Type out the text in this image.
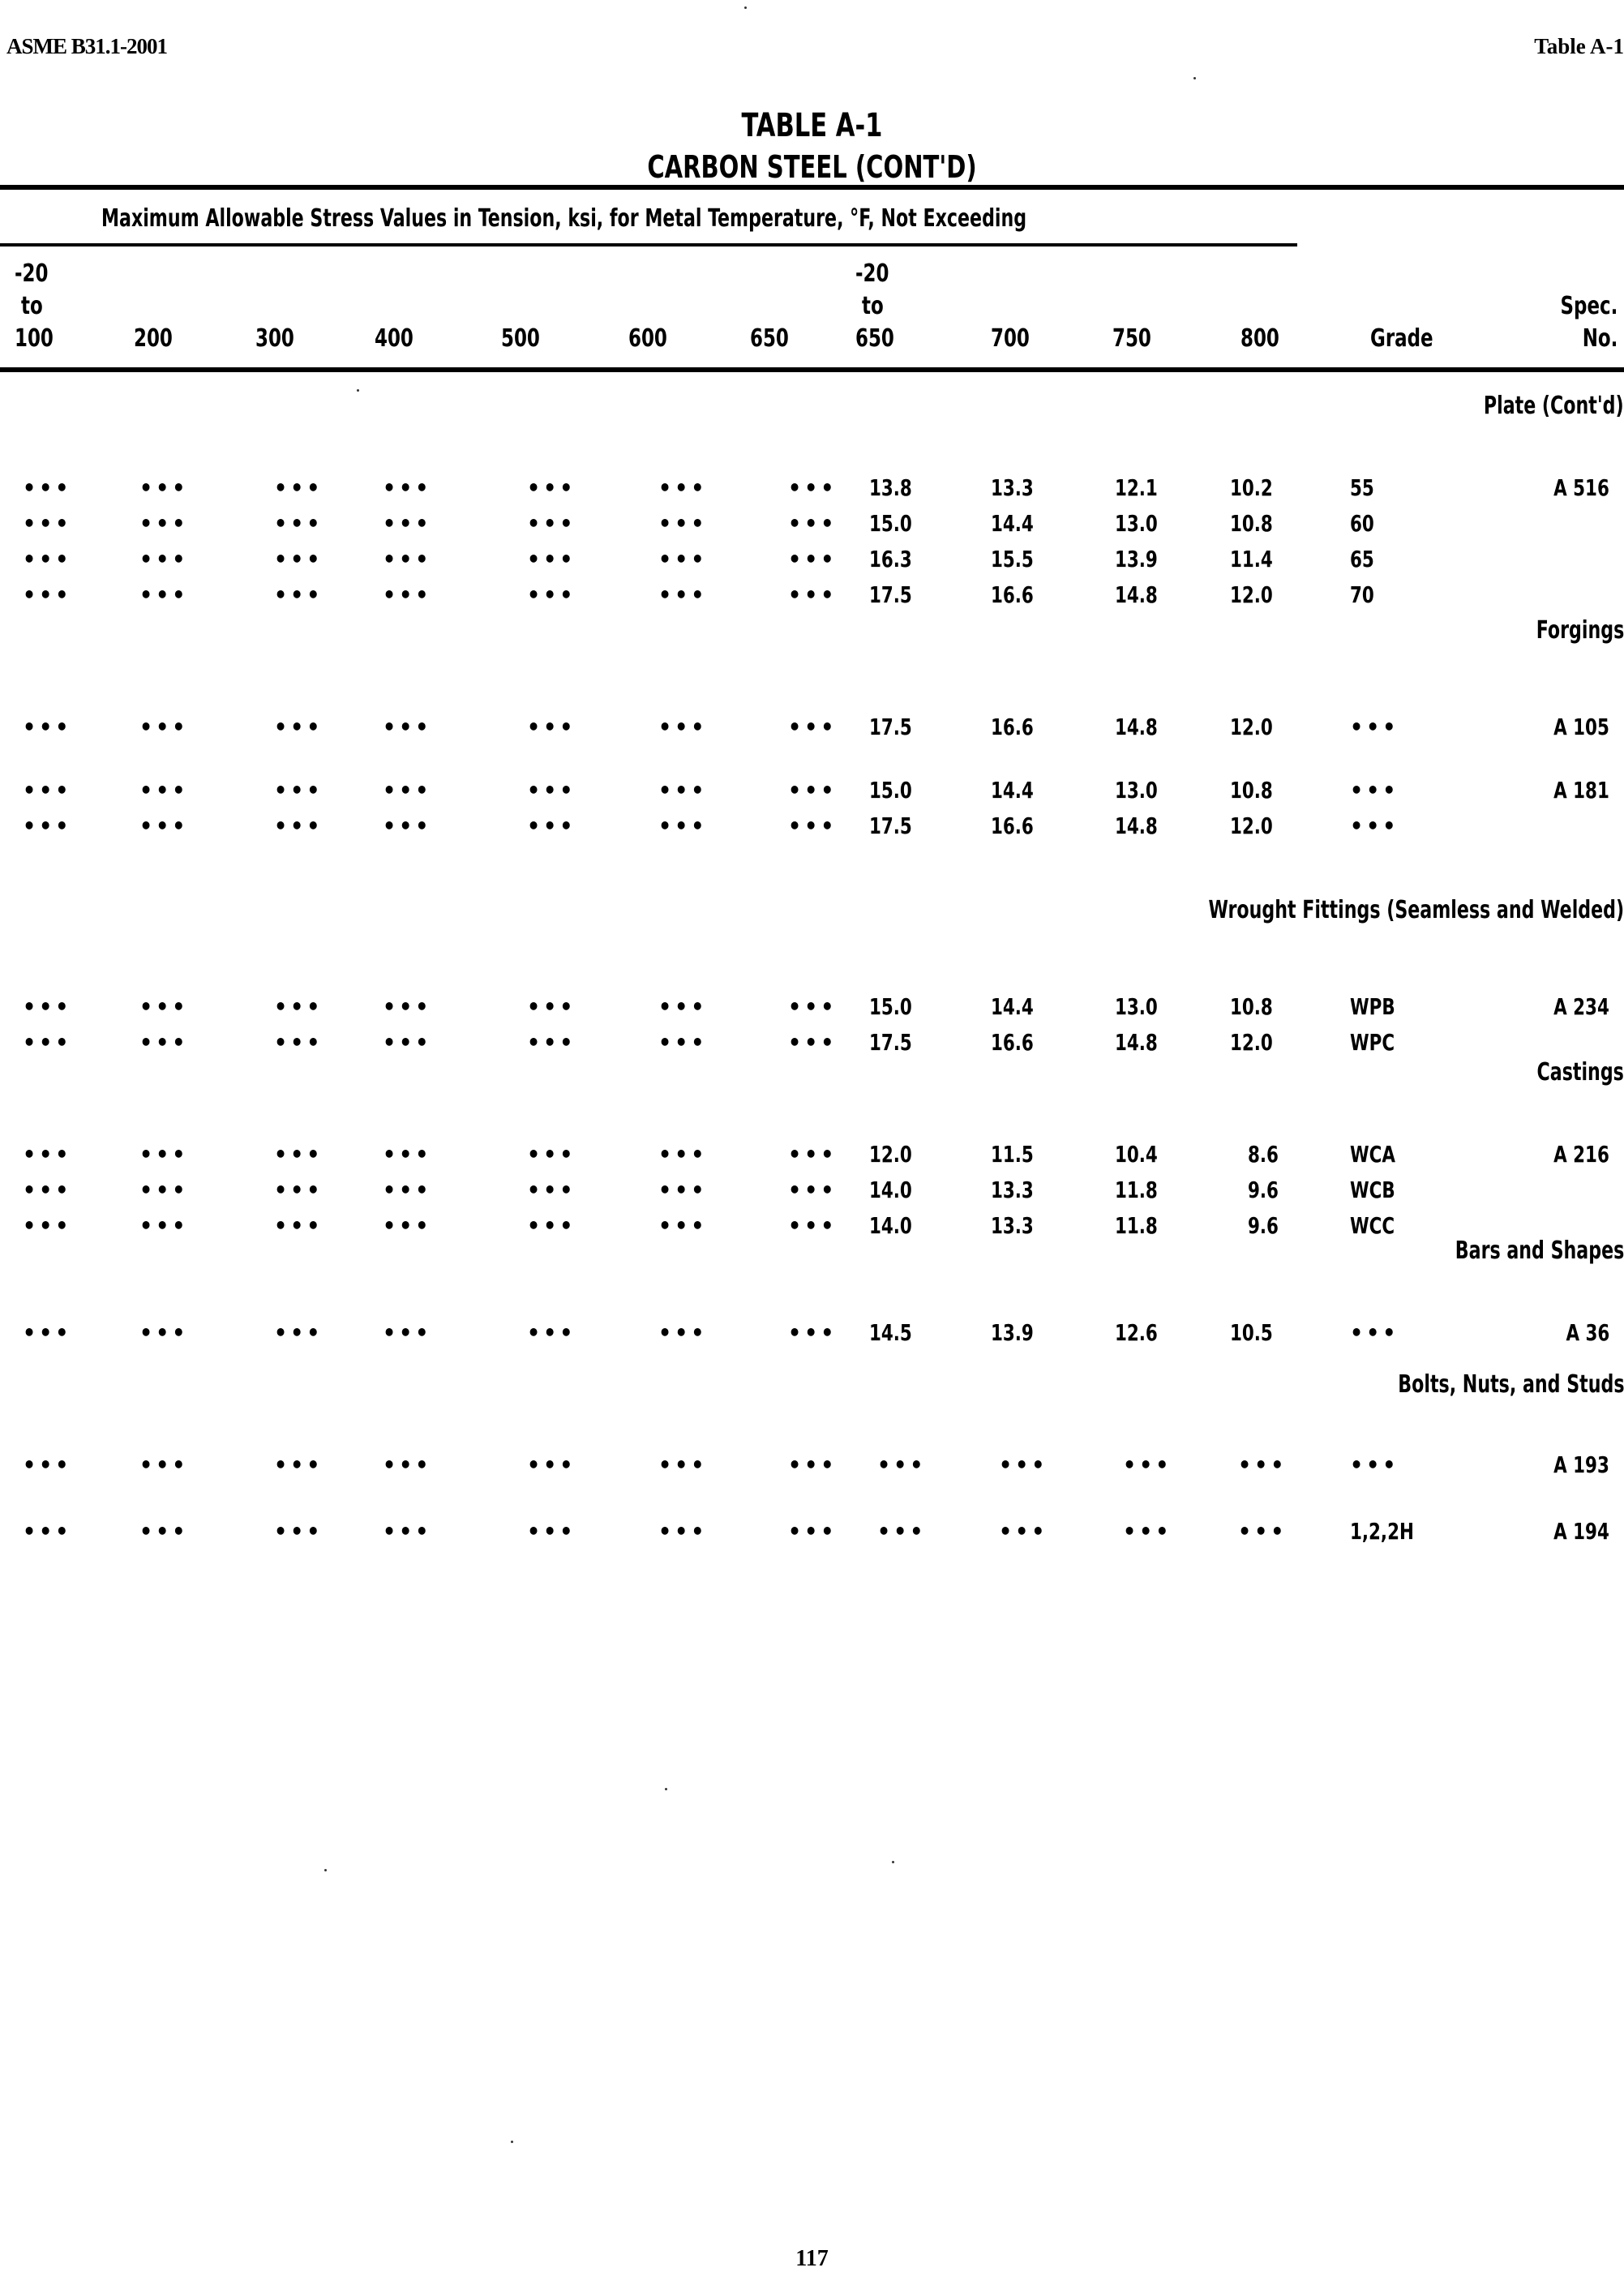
ASME B31.1-2001	Table A-1
TABLE A-1
CARBON STEEL (CONT'D)
Maximum Allowable Stress Values in Tension, ksi, for Metal Temperature, °F, Not Exceeding
-20
to
100	200	300	400	500	600	650
-20
to
650	700	750	800	Grade
Spec.
No.
Plate (Cont'd)
•••	•••	•••	•••	•••	•••	••• 13.8	13.3	12.1	10.2	55	A 516
•••	•••	•••	•••	•••	•••	••• 15.0	14.4	13.0	10.8	60
•••	•••	•••	•••	•••	•••	••• 16.3	15.5	13.9	11.4	65
•••	•••	•••	•••	•••	•••	••• 17.5	16.6	14.8	12.0	70
Forgings
•••	•••	•••	•••	•••	•••	••• 17.5	16.6	14.8	12.0	•••	A 105
•••	•••	•••	•••	•••	•••	••• 15.0	14.4	13.0	10.8	•••	A 181
•••	•••	•••	•••	•••	•••	••• 17.5	16.6	14.8	12.0	•••
Wrought Fittings (Seamless and Welded)
•••	•••	•••	•••	•••	•••	••• 15.0	14.4	13.0	10.8	WPB	A 234
•••	•••	•••	•••	•••	•••	••• 17.5	16.6	14.8	12.0	WPC
Castings
•••	•••	•••	•••	•••	•••	••• 12.0	11.5	10.4	8.6	WCA	A 216
•••	•••	•••	•••	•••	•••	••• 14.0	13.3	11.8	9.6	WCB
•••	•••	•••	•••	•••	•••	••• 14.0	13.3	11.8	9.6	WCC
Bars and Shapes
•••	•••	•••	•••	•••	•••	••• 14.5	13.9	12.6	10.5	•••	A 36
Bolts, Nuts, and Studs
•••	•••	•••	•••	•••	•••	••• •••	•••	•••	•••	•••	A 193
•••	•••	•••	•••	•••	•••	••• •••	•••	•••	•••	1,2,2H	A 194
117
